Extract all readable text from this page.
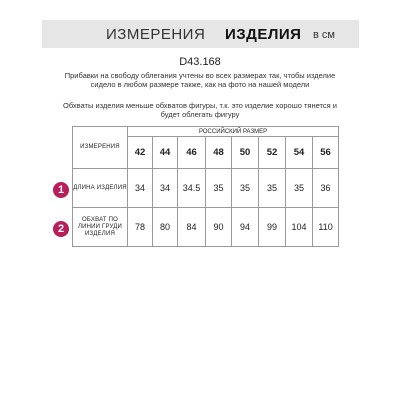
ИЗМЕРЕНИЯ ИЗДЕЛИЯ в см
D43.168
Прибавки на свободу облегания учтены во всех размерах так, чтобы изделие сидело в любом размере также, как на фото на нашей модели
Обхваты изделия меньше обхватов фигуры, т.к. это изделие хорошо тянется и будет облегать фигуру
ИЗМЕРЕНИЯ	РОССИЙСКИЙ РАЗМЕР							
	42	44	46	48	50	52	54	56
ДЛИНА ИЗДЕЛИЯ	34	34	34.5	35	35	35	35	36
ОБХВАТ ПО ЛИНИИ ГРУДИ ИЗДЕЛИЯ	78	80	84	90	94	99	104	110
1
2
